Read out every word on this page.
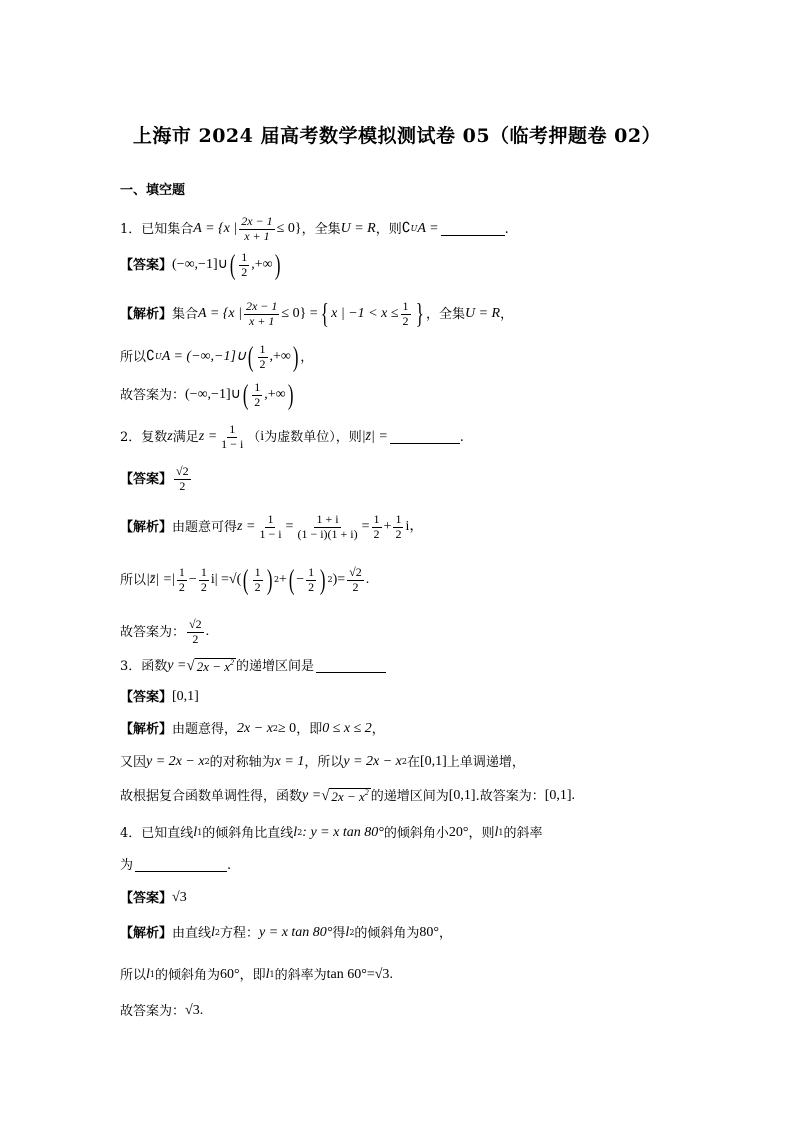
上海市 2024 届高考数学模拟测试卷 05（临考押题卷 02）
一、填空题
1． 已知集合 A = {x | $\frac{2x - 1}{x + 1} \le 0$} ，全集 U = R ，则 ∁ U A =	.
【答案】 (−∞,−1]∪ ( $\frac{1}{2}$ ,+∞ )
【解析】 集合 A = {x | $\frac{2x - 1}{x + 1} \le 0$} = { x | $-1 < x \le \frac{1}{2}$ } ，全集 U = R ，
所以 ∁ U A = (−∞,−1]∪ ( $\frac{1}{2}$ ,+∞ ) ，
故答案为： (−∞,−1]∪ ( $\frac{1}{2}$ ,+∞ )
2． 复数 z 满足 $z = \frac{1}{1 - i}$ （ i 为虚数单位），则 |z̄| =	.
【答案】 $\frac{√2}{2}$
【解析】 由题意可得 $z = \frac{1}{1 - i} = \frac{1 + i}{(1 - i)(1 + i)} = \frac{1}{2} + \frac{1}{2}$ i，
所以 |z̄| = | $\frac{1}{2} - \frac{1}{2} i|$ = √( ( $\frac{1}{2}$ ) 2 + ( − $\frac{1}{2}$ ) 2 ) = $\frac{√2}{2}$ .
故答案为： $\frac{√2}{2}$ .
3． 函数 y = √ $2x - x^2$ 的递增区间是
【答案】 [0,1]
【解析】 由题意得， 2x − x 2 ≥ 0 ，即 0 ≤ x ≤ 2 ，
又因 y = 2x − x 2 的对称轴为 x = 1 ，所以 y = 2x − x 2 在 [0,1] 上单调递增，
故根据复合函数单调性得，函数 y = √ $2x - x^2$ 的递增区间为 [0,1] .故答案为： [0,1] .
4． 已知直线 l 1 的倾斜角比直线 l 2 : y = x tan 80° 的倾斜角小 20° ，则 l 1 的斜率
为	.
【答案】 √3
【解析】 由直线 l 2 方程： y = x tan 80° 得 l 2 的倾斜角为 80° ，
所以 l 1 的倾斜角为 60° ，即 l 1 的斜率为 tan 60°= √3 .
故答案为： √3 .
